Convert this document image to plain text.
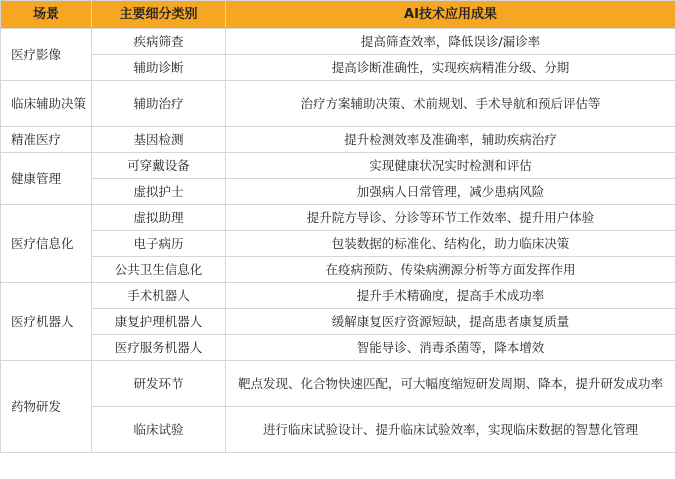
场景	主要细分类别	AI技术应用成果
医疗影像	疾病筛查	提高筛查效率，降低误诊/漏诊率
	辅助诊断	提高诊断准确性，实现疾病精准分级、分期
临床辅助决策	辅助治疗	治疗方案辅助决策、术前规划、手术导航和预后评估等
精准医疗	基因检测	提升检测效率及准确率，辅助疾病治疗
健康管理	可穿戴设备	实现健康状况实时检测和评估
	虚拟护士	加强病人日常管理，减少患病风险
医疗信息化	虚拟助理	提升院方导诊、分诊等环节工作效率、提升用户体验
	电子病历	包装数据的标准化、结构化，助力临床决策
	公共卫生信息化	在疫病预防、传染病溯源分析等方面发挥作用
医疗机器人	手术机器人	提升手术精确度，提高手术成功率
	康复护理机器人	缓解康复医疗资源短缺，提高患者康复质量
	医疗服务机器人	智能导诊、消毒杀菌等，降本增效
药物研发	研发环节	靶点发现、化合物快速匹配，可大幅度缩短研发周期、降本，提升研发成功率
	临床试验	进行临床试验设计、提升临床试验效率，实现临床数据的智慧化管理
